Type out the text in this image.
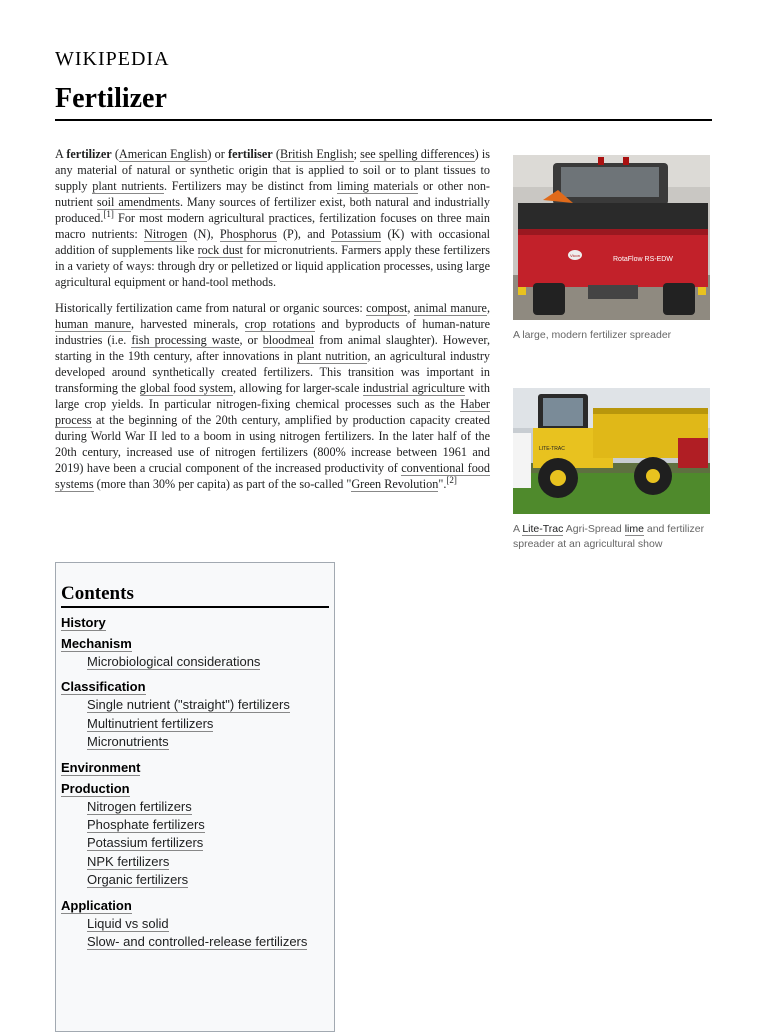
WIKIPEDIA
Fertilizer

A fertilizer (American English) or fertiliser (British English; see spelling differences) is any material of natural or synthetic origin that is applied to soil or to plant tissues to supply plant nutrients. Fertilizers may be distinct from liming materials or other non-nutrient soil amendments. Many sources of fertilizer exist, both natural and industrially produced.[1] For most modern agricultural practices, fertilization focuses on three main macro nutrients: Nitrogen (N), Phosphorus (P), and Potassium (K) with occasional addition of supplements like rock dust for micronutrients. Farmers apply these fertilizers in a variety of ways: through dry or pelletized or liquid application processes, using large agricultural equipment or hand-tool methods.

Historically fertilization came from natural or organic sources: compost, animal manure, human manure, harvested minerals, crop rotations and byproducts of human-nature industries (i.e. fish processing waste, or bloodmeal from animal slaughter). However, starting in the 19th century, after innovations in plant nutrition, an agricultural industry developed around synthetically created fertilizers. This transition was important in transforming the global food system, allowing for larger-scale industrial agriculture with large crop yields. In particular nitrogen-fixing chemical processes such as the Haber process at the beginning of the 20th century, amplified by production capacity created during World War II led to a boom in using nitrogen fertilizers. In the later half of the 20th century, increased use of nitrogen fertilizers (800% increase between 1961 and 2019) have been a crucial component of the increased productivity of conventional food systems (more than 30% per capita) as part of the so-called "Green Revolution".[2]

RotaFlow RS-EDW
Vicon
A large, modern fertilizer spreader
LITE-TRAC
A Lite-Trac Agri-Spread lime and fertilizer spreader at an agricultural show
Contents
History
Mechanism
Microbiological considerations
Classification
Single nutrient ("straight") fertilizers
Multinutrient fertilizers
Micronutrients
Environment
Production
Nitrogen fertilizers
Phosphate fertilizers
Potassium fertilizers
NPK fertilizers
Organic fertilizers
Application
Liquid vs solid
Slow- and controlled-release fertilizers
